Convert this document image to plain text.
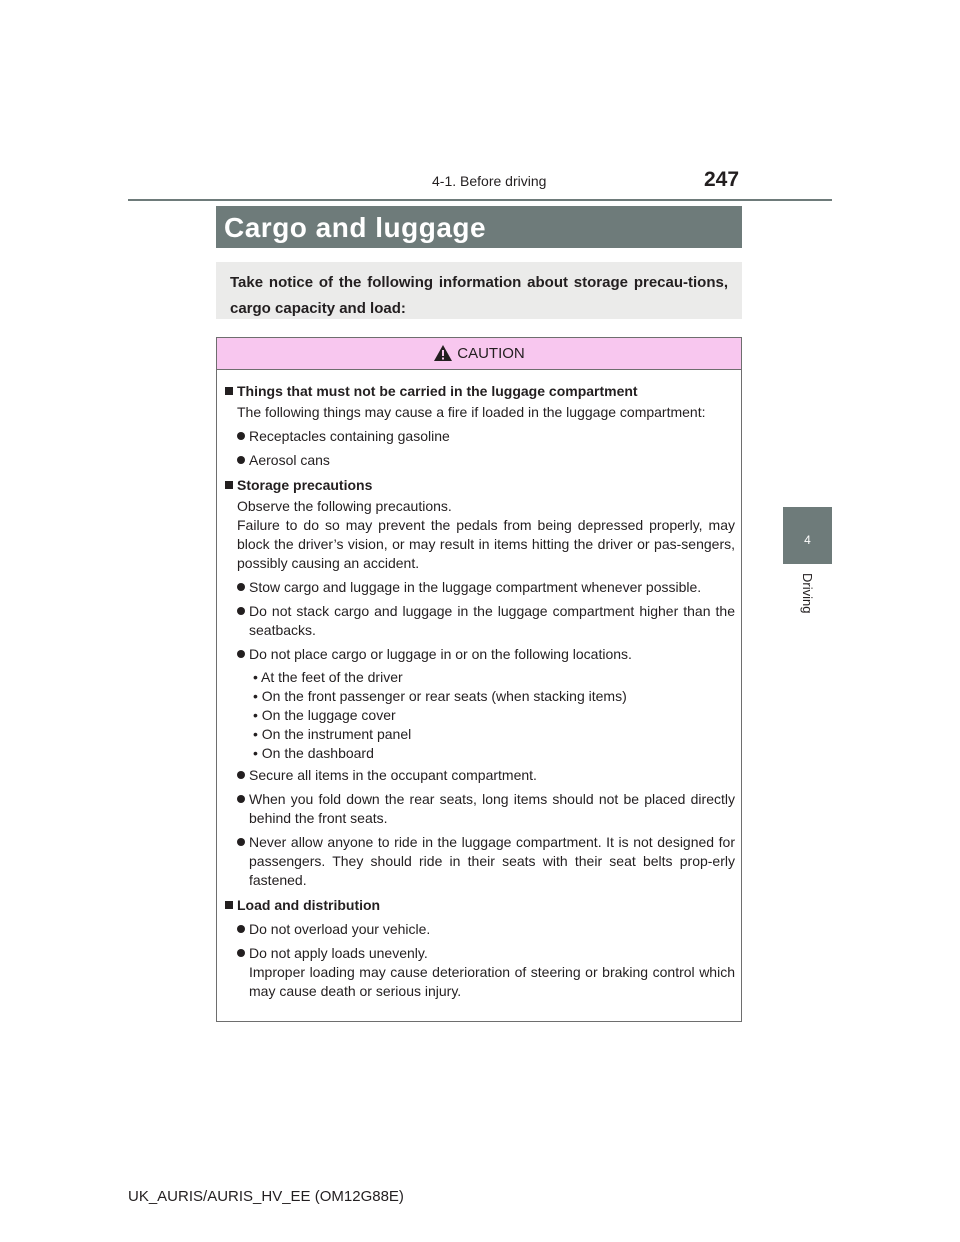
4-1. Before driving	247
4
Driving
Cargo and luggage
Take notice of the following information about storage precau-tions, cargo capacity and load:
CAUTION
Things that must not be carried in the luggage compartment
The following things may cause a fire if loaded in the luggage compartment:
Receptacles containing gasoline
Aerosol cans
Storage precautions
Observe the following precautions.
Failure to do so may prevent the pedals from being depressed properly, may block the driver’s vision, or may result in items hitting the driver or pas-sengers, possibly causing an accident.
Stow cargo and luggage in the luggage compartment whenever possible.
Do not stack cargo and luggage in the luggage compartment higher than the seatbacks.
Do not place cargo or luggage in or on the following locations.
• At the feet of the driver
• On the front passenger or rear seats (when stacking items)
• On the luggage cover
• On the instrument panel
• On the dashboard
Secure all items in the occupant compartment.
When you fold down the rear seats, long items should not be placed directly behind the front seats.
Never allow anyone to ride in the luggage compartment. It is not designed for passengers. They should ride in their seats with their seat belts prop-erly fastened.
Load and distribution
Do not overload your vehicle.
Do not apply loads unevenly.
Improper loading may cause deterioration of steering or braking control which may cause death or serious injury.
UK_AURIS/AURIS_HV_EE (OM12G88E)
